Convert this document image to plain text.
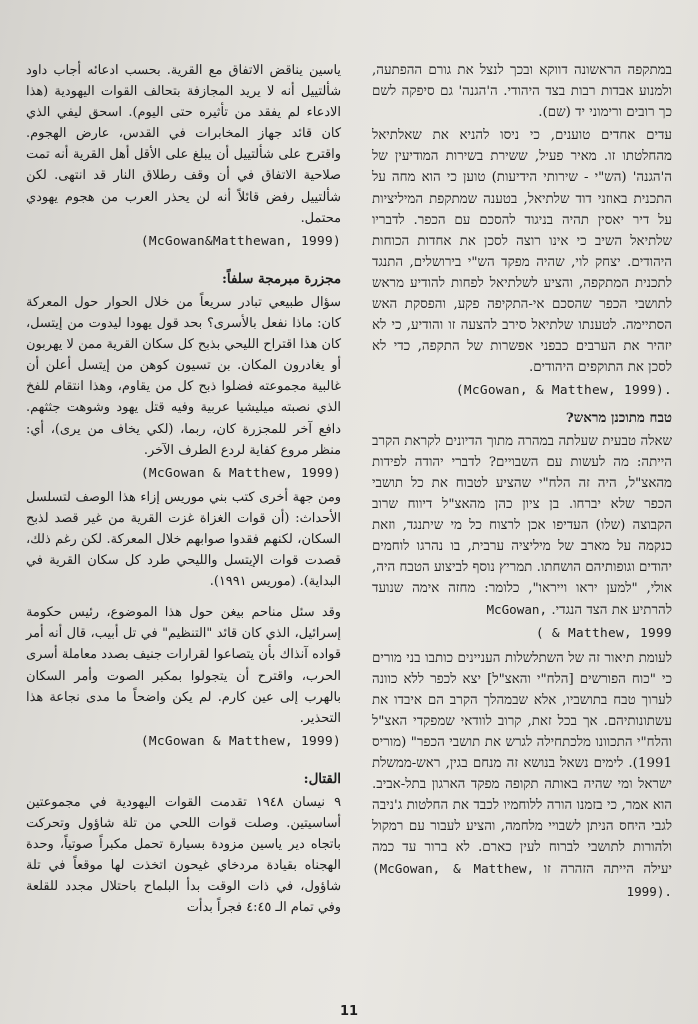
במתקפה הראשונה דווקא ובכך לנצל את גורם ההפתעה, ולמנוע אבדות רבות בצד היהודי. ה'הגנה' גם סיפקה לשם כך רובים ורימוני יד (שם).

עדים אחדים טוענים, כי ניסו להניא את שאלתיאל מהחלטתו זו. מאיר פעיל, ששירת בשירות המודיעין של ה'הגנה' (הש"י - שירותי הידיעות) טוען כי הוא מחה על התכנית באוזני דוד שלתיאל, בטענה שמתקפת המיליציות על דיר יאסין תהיה בניגוד להסכם עם הכפר. לדבריו שלתיאל השיב כי אינו רוצה לסכן את אחדות הכוחות היהודים. יצחק לוי, שהיה מפקד הש"י בירושלים, התנגד לתכנית המתקפה, והציע לשלתיאל לפחות להודיע מראש לתושבי הכפר שהסכם אי-התקיפה פקע, והפסקת האש הסתיימה. לטענתו שלתיאל סירב להצעה זו והודיע, כי לא יזהיר את הערבים כבפני אפשרות של התקפה, כדי לא לסכן את התוקפים היהודים.

(McGowan, & Matthew, 1999).
טבח מתוכנן מראש?

שאלה טבעית שעלתה במהרה מתוך הדיונים לקראת הקרב הייתה: מה לעשות עם השבויים? לדברי יהודה לפידות מהאצ"ל, היה זה הלח"י שהציע לטבוח את כל תושבי הכפר שלא יברחו. בן ציון כהן מהאצ"ל דיווח שרוב הקבוצה (שלו) העדיפו אכן לרצוח כל מי שיתנגד, וזאת כנקמה על מארב של מיליציה ערבית, בו נהרגו לוחמים יהודים וגופותיהם הושחתו. תמריץ נוסף לביצוע הטבח היה, אולי, "למען יראו וייראו", כלומר: מחזה אימה שנועד להרתיע את הצד הנגדי. McGowan,

( & Matthew, 1999

לעומת תיאור זה של השתלשלות העניינים כותבו בני מורים כי "כוח הפורשים [הלח"י והאצ"ל] יצא לכפר ללא כוונה לערוך טבח בתושביו, אלא שבמהלך הקרב הם איבדו את עשתונותיהם. אך בכל זאת, קרוב לוודאי שמפקדי האצ"ל והלח"י התכוונו מלכתחילה לגרש את תושבי הכפר" (מוריס 1991). לימים נשאל בנושא זה מנחם בגין, ראש-ממשלת ישראל ומי שהיה באותה תקופה מפקד הארגון בתל-אביב. הוא אמר, כי בזמנו הורה ללוחמיו לכבד את החלטות ג'ניבה לגבי היחס הניתן לשבויי מלחמה, והציע לעבור עם רמקול ולהורות לתושבי לברוח לעין כארם. לא ברור עד כמה יעילה הייתה הזהרה זו (McGowan, & Matthew, 1999).

ياسين يناقض الاتفاق مع القرية. بحسب ادعائه أجاب داود شألتييل أنه لا يريد المجازفة بتحالف القوات اليهودية (هذا الادعاء لم يفقد من تأثيره حتى اليوم). اسحق ليفي الذي كان قائد جهاز المخابرات في القدس، عارض الهجوم. واقترح على شألتييل أن يبلغ على الأقل أهل القرية أنه تمت صلاحية الاتفاق في أن وقف رطلاق النار قد انتهى. لكن شألتييل رفض قائلاً أنه لن يحذر العرب من هجوم يهودي محتمل.

(McGowan&Matthewan, 1999)
مجزرة مبرمجة سلفاً:

سؤال طبيعي تبادر سريعاً من خلال الحوار حول المعركة كان: ماذا نفعل بالأسرى؟ بحد قول يهودا ليدوت من إيتسل، كان هذا اقتراح الليحي بذبح كل سكان القرية ممن لا يهربون أو يغادرون المكان. بن تسيون كوهن من إيتسل أعلن أن غالبية مجموعته فضلوا ذبح كل من يقاوم، وهذا انتقام للفخ الذي نصبته ميليشيا عربية وفيه قتل يهود وشوهت جثثهم. دافع آخر للمجزرة كان، ربما، (لكي يخاف من يرى)، أي: منظر مروع كفاية لردع الطرف الآخر.

(McGowan & Matthew, 1999)

ومن جهة أخرى كتب بني موريس إزاء هذا الوصف لتسلسل الأحداث: (أن قوات الغزاة غزت القرية من غير قصد لذبح السكان، لكنهم فقدوا صوابهم خلال المعركة. لكن رغم ذلك، قصدت قوات الإيتسل والليحي طرد كل سكان القرية في البداية). (موريس ١٩٩١).

وقد سئل مناحم بيغن حول هذا الموضوع، رئيس حكومة إسرائيل، الذي كان قائد "التنظيم" في تل أبيب، قال أنه أمر قواده آنذاك بأن يتصاعوا لقرارات جنيف بصدد معاملة أسرى الحرب، واقترح أن يتجولوا بمكبر الصوت وأمر السكان بالهرب إلى عين كارم. لم يكن واضحاً ما مدى نجاعة هذا التحذير.

(McGowan & Matthew, 1999)
القتال:

٩ نيسان ١٩٤٨ تقدمت القوات اليهودية في مجموعتين أساسيتين. وصلت قوات اللحي من تلة شاؤول وتحركت باتجاه دير ياسين مزودة بسيارة تحمل مكبراً صوتياً، وحدة الهجناه بقيادة مردخاي غيحون اتخذت لها موقعاً في تلة شاؤول، في ذات الوقت بدأ البلماح باحتلال مجدد للقلعة وفي تمام الـ ٤:٤٥ فجراً بدأت

11
